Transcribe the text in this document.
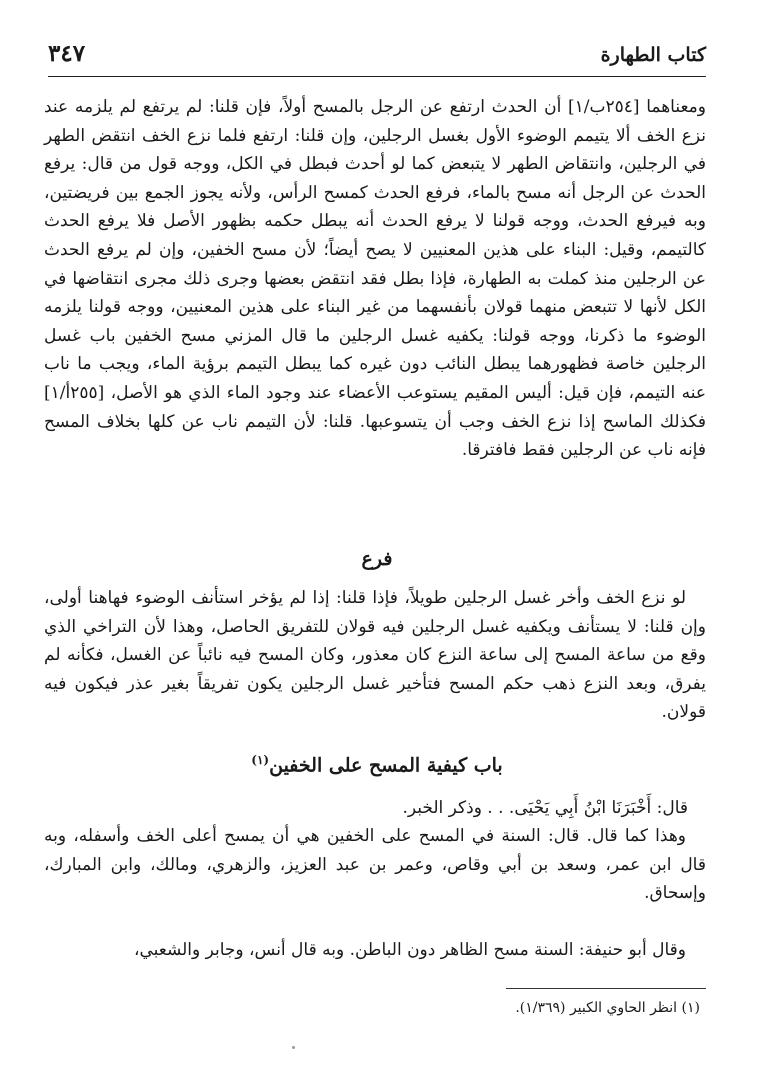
كتاب الطهارة
٣٤٧

ومعناهما [٢٥٤ب/١] أن الحدث ارتفع عن الرجل بالمسح أولاً، فإن قلنا: لم يرتفع لم يلزمه عند نزع الخف ألا يتيمم الوضوء الأول بغسل الرجلين، وإن قلنا: ارتفع فلما نزع الخف انتقض الطهر في الرجلين، وانتقاض الطهر لا يتبعض كما لو أحدث فبطل في الكل، ووجه قول من قال: يرفع الحدث عن الرجل أنه مسح بالماء، فرفع الحدث كمسح الرأس، ولأنه يجوز الجمع بين فريضتين، وبه فيرفع الحدث، ووجه قولنا لا يرفع الحدث أنه يبطل حكمه بظهور الأصل فلا يرفع الحدث كالتيمم، وقيل: البناء على هذين المعنيين لا يصح أيضاً؛ لأن مسح الخفين، وإن لم يرفع الحدث عن الرجلين منذ كملت به الطهارة، فإذا بطل فقد انتقض بعضها وجرى ذلك مجرى انتقاضها في الكل لأنها لا تتبعض منهما قولان بأنفسهما من غير البناء على هذين المعنيين، ووجه قولنا يلزمه الوضوء ما ذكرنا، ووجه قولنا: يكفيه غسل الرجلين ما قال المزني مسح الخفين باب غسل الرجلين خاصة فظهورهما يبطل النائب دون غيره كما يبطل التيمم برؤية الماء، ويجب ما ناب عنه التيمم، فإن قيل: أليس المقيم يستوعب الأعضاء عند وجود الماء الذي هو الأصل، [٢٥٥أ/١] فكذلك الماسح إذا نزع الخف وجب أن يتسوعبها. قلنا: لأن التيمم ناب عن كلها بخلاف المسح فإنه ناب عن الرجلين فقط فافترقا.

فرع

لو نزع الخف وأخر غسل الرجلين طويلاً، فإذا قلنا: إذا لم يؤخر استأنف الوضوء فهاهنا أولى، وإن قلنا: لا يستأنف ويكفيه غسل الرجلين فيه قولان للتفريق الحاصل، وهذا لأن التراخي الذي وقع من ساعة المسح إلى ساعة النزع كان معذور، وكان المسح فيه نائباً عن الغسل، فكأنه لم يفرق، وبعد النزع ذهب حكم المسح فتأخير غسل الرجلين يكون تفريقاً بغير عذر فيكون فيه قولان.

باب كيفية المسح على الخفين$^{(١)}$

قال: أَخْبَرَنَا ابْنُ أَبِي يَحْيَى. . . وذكر الخبر.

وهذا كما قال. قال: السنة في المسح على الخفين هي أن يمسح أعلى الخف وأسفله، وبه قال ابن عمر، وسعد بن أبي وقاص، وعمر بن عبد العزيز، والزهري، ومالك، وابن المبارك، وإسحاق.

وقال أبو حنيفة: السنة مسح الظاهر دون الباطن. وبه قال أنس، وجابر والشعبي،

(١) انظر الحاوي الكبير (١/٣٦٩).
